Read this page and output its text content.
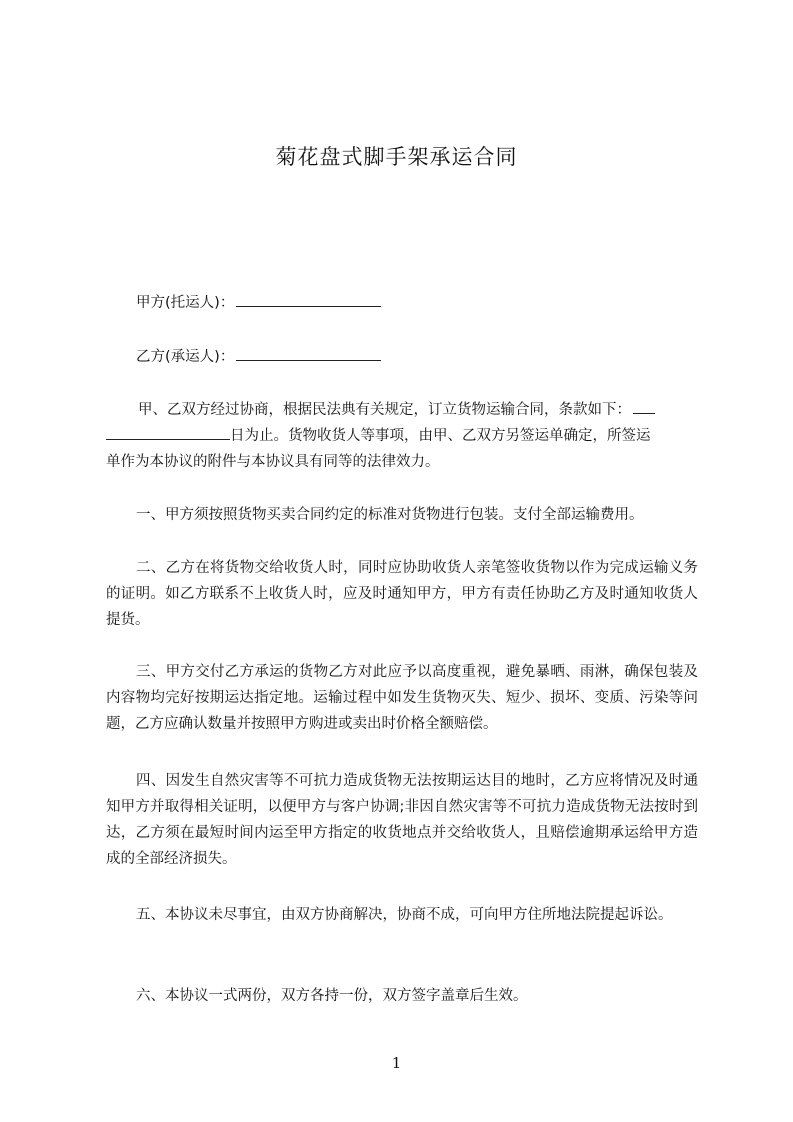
菊花盘式脚手架承运合同
甲方(托运人)：
乙方(承运人)：
甲、乙双方经过协商，根据民法典有关规定，订立货物运输合同，条款如下：
日为止。货物收货人等事项，由甲、乙双方另签运单确定，所签运
单作为本协议的附件与本协议具有同等的法律效力。
一、甲方须按照货物买卖合同约定的标准对货物进行包装。支付全部运输费用。
二、乙方在将货物交给收货人时，同时应协助收货人亲笔签收货物以作为完成运输义务的证明。如乙方联系不上收货人时，应及时通知甲方，甲方有责任协助乙方及时通知收货人提货。
三、甲方交付乙方承运的货物乙方对此应予以高度重视，避免暴晒、雨淋，确保包装及内容物均完好按期运达指定地。运输过程中如发生货物灭失、短少、损坏、变质、污染等问题，乙方应确认数量并按照甲方购进或卖出时价格全额赔偿。
四、因发生自然灾害等不可抗力造成货物无法按期运达目的地时，乙方应将情况及时通知甲方并取得相关证明，以便甲方与客户协调;非因自然灾害等不可抗力造成货物无法按时到达，乙方须在最短时间内运至甲方指定的收货地点并交给收货人，且赔偿逾期承运给甲方造成的全部经济损失。
五、本协议未尽事宜，由双方协商解决，协商不成，可向甲方住所地法院提起诉讼。
六、本协议一式两份，双方各持一份，双方签字盖章后生效。
1
